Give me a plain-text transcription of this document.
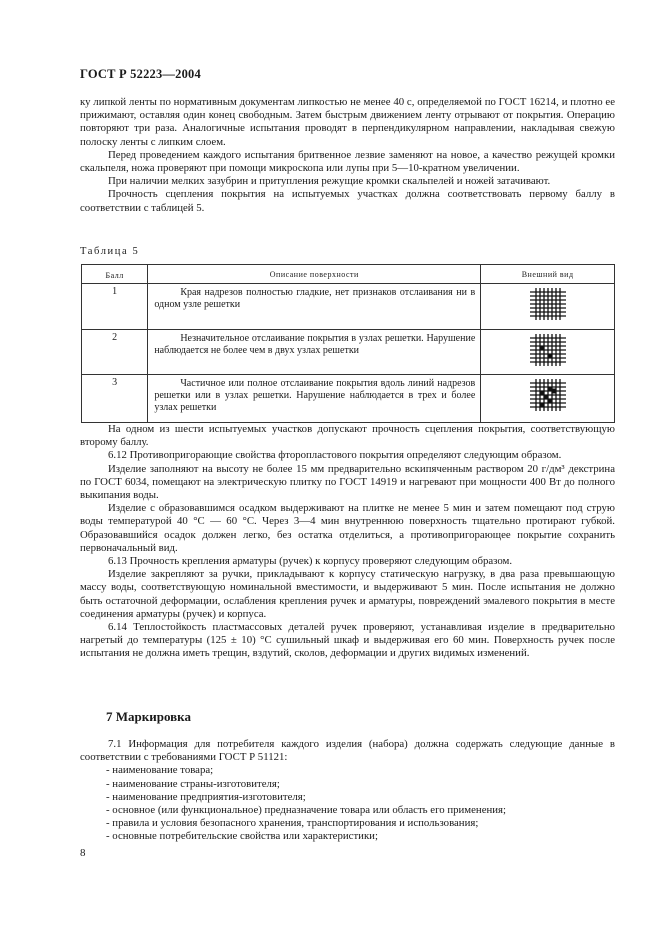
ГОСТ Р 52223—2004

ку липкой ленты по нормативным документам липкостью не менее 40 с, определяемой по ГОСТ 16214, и плотно ее прижимают, оставляя один конец свободным. Затем быстрым движением ленту отрывают от покрытия. Операцию повторяют три раза. Аналогичные испытания проводят в перпендикулярном направлении, накладывая свежую полоску ленты с липким слоем.

Перед проведением каждого испытания бритвенное лезвие заменяют на новое, а качество режущей кромки скальпеля, ножа проверяют при помощи микроскопа или лупы при 5—10-кратном увеличении.

При наличии мелких зазубрин и притупления режущие кромки скальпелей и ножей затачивают.

Прочность сцепления покрытия на испытуемых участках должна соответствовать первому баллу в соответствии с таблицей 5.

Таблица 5
Балл	Описание поверхности	Внешний вид
1	Края надрезов полностью гладкие, нет признаков отслаивания ни в одном узле решетки

2	Незначительное отслаивание покрытия в узлах решетки. Нарушение наблюдается не более чем в двух узлах решетки

3	Частичное или полное отслаивание покрытия вдоль линий надрезов решетки или в узлах решетки. Нарушение наблюдается в трех и более узлах решетки

На одном из шести испытуемых участков допускают прочность сцепления покрытия, соответствующую второму баллу.

6.12 Противопригорающие свойства фторопластового покрытия определяют следующим образом.

Изделие заполняют на высоту не более 15 мм предварительно вскипяченным раствором 20 г/дм³ декстрина по ГОСТ 6034, помещают на электрическую плитку по ГОСТ 14919 и нагревают при мощности 400 Вт до полного выкипания воды.

Изделие с образовавшимся осадком выдерживают на плитке не менее 5 мин и затем помещают под струю воды температурой 40 °С — 60 °С. Через 3—4 мин внутреннюю поверхность тщательно протирают губкой. Образовавшийся осадок должен легко, без остатка отделиться, а противопригорающее покрытие сохранить первоначальный вид.

6.13 Прочность крепления арматуры (ручек) к корпусу проверяют следующим образом.

Изделие закрепляют за ручки, прикладывают к корпусу статическую нагрузку, в два раза превышающую массу воды, соответствующую номинальной вместимости, и выдерживают 5 мин. После испытания не должно быть остаточной деформации, ослабления крепления ручек и арматуры, повреждений эмалевого покрытия в месте соединения арматуры (ручек) и корпуса.

6.14 Теплостойкость пластмассовых деталей ручек проверяют, устанавливая изделие в предварительно нагретый до температуры (125 ± 10) °С сушильный шкаф и выдерживая его 60 мин. Поверхность ручек после испытания не должна иметь трещин, вздутий, сколов, деформации и других видимых изменений.

7 Маркировка

7.1 Информация для потребителя каждого изделия (набора) должна содержать следующие данные в соответствии с требованиями ГОСТ Р 51121:

- наименование товара;
- наименование страны-изготовителя;
- наименование предприятия-изготовителя;
- основное (или функциональное) предназначение товара или область его применения;
- правила и условия безопасного хранения, транспортирования и использования;
- основные потребительские свойства или характеристики;
8
